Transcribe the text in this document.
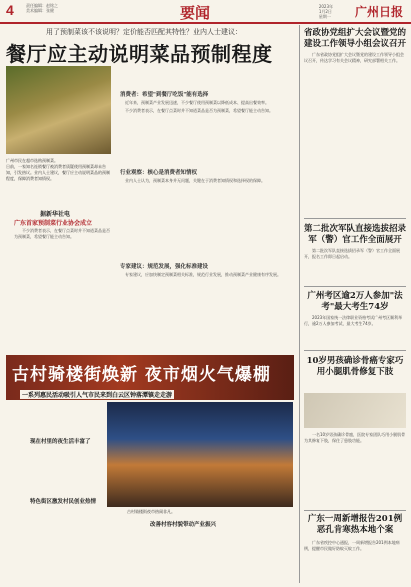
4	责任编辑：赵铭之
美术编辑：张健	要闻	2023年
1月2日
星期一 广州日报
用了预制菜该不该说明？定价能否匹配其特性？业内人士建议：
餐厅应主动说明菜品预制程度
广州市民在超市选购预制菜。
日前，一家知名连锁餐厅被消费者质疑使用预制菜却未告知，引发热议。业内人士建议，餐厅应主动说明菜品的预制程度，保障消费者知情权。
据新华社电
广东首家预制菜行业协会成立
消费者：希望"到餐厅吃饭"能有选择

近年来，预制菜产业发展迅速，不少餐厅使用预制菜以降低成本、提高出餐效率。

不少消费者表示，在餐厅点菜时并不知道菜品是否为预制菜，希望餐厅能主动告知。

行业观察：核心是消费者知情权

业内人士认为，预制菜本身并无问题，关键在于消费者知情权和选择权的保障。

不少消费者表示，在餐厅点菜时并不知道菜品是否为预制菜，希望餐厅能主动告知。

专家建议：规范发展，强化标准建设

专家建议，应加快制定预制菜相关标准，规范行业发展，推动预制菜产业健康有序发展。

古村骑楼街焕新 夜市烟火气爆棚
一系列惠民活动吸引人气市民来到白云区钟落潭镇走走游
现在村里的夜生活丰富了
特色街区激发村民创业热情
改善村容村貌带动产业振兴
古村骑楼街夜市热闹非凡。
省政协党组扩大会议暨党的建设工作领导小组会议召开

广东省政协党组扩大会议暨党的建设工作领导小组会议召开，传达学习有关会议精神，研究部署相关工作。

第二批次军队直接选拔招录军（警）官工作全面展开

第二批次军队直接选拔招录军（警）官工作全面展开，报名工作即日起启动。

广州考区逾2万人参加"法考"最大考生74岁

2023年国家统一法律职业资格考试广州考区顺利举行，逾2万人参加考试，最大考生74岁。

10岁男孩确诊骨癌专家巧用小腿肌骨修复下肢

一名10岁男孩确诊骨癌，医院专家团队巧用小腿肌骨为其修复下肢，保住了患肢功能。

广东一周新增报告201例恶孔肯寒热本地个案

广东省疾控中心通报，一周新增报告201例本地病例，提醒市民做好防蚊灭蚊工作。
